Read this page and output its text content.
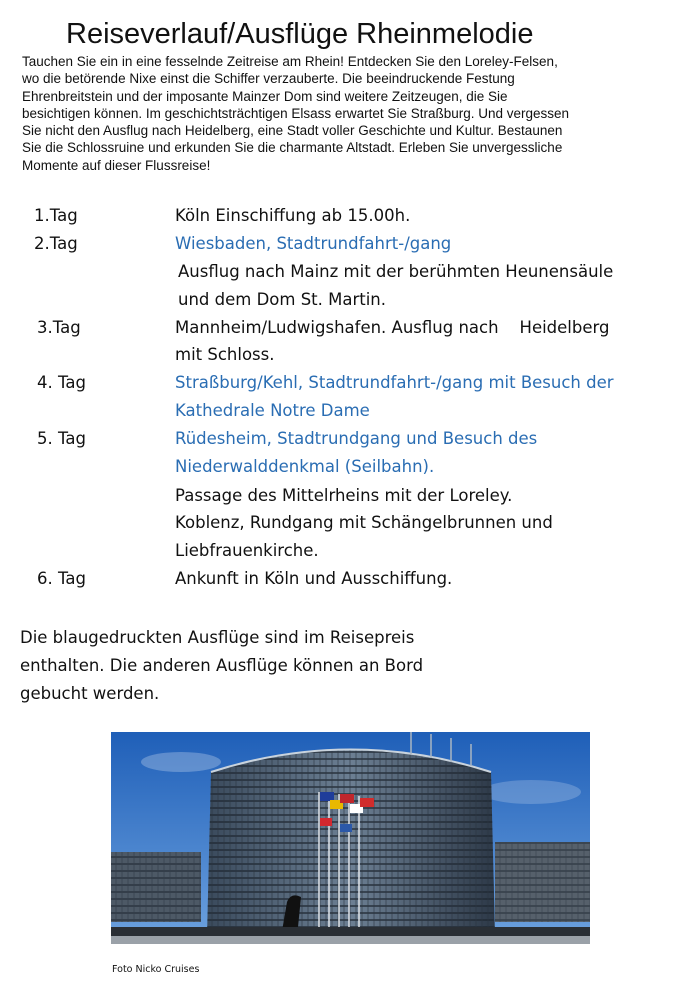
Reiseverlauf/Ausflüge Rheinmelodie
Tauchen Sie ein in eine fesselnde Zeitreise am Rhein! Entdecken Sie den Loreley-Felsen,
wo die betörende Nixe einst die Schiffer verzauberte. Die beeindruckende Festung
Ehrenbreitstein und der imposante Mainzer Dom sind weitere Zeitzeugen, die Sie
besichtigen können. Im geschichtsträchtigen Elsass erwartet Sie Straßburg. Und vergessen
Sie nicht den Ausflug nach Heidelberg, eine Stadt voller Geschichte und Kultur. Bestaunen
Sie die Schlossruine und erkunden Sie die charmante Altstadt. Erleben Sie unvergessliche
Momente auf dieser Flussreise!
1.Tag	Köln Einschiffung ab 15.00h.
2.Tag	Wiesbaden, Stadtrundfahrt-/gang
Ausflug nach Mainz mit der berühmten Heunensäule
und dem Dom St. Martin.
3.Tag	Mannheim/Ludwigshafen. Ausflug nach    Heidelberg
mit Schloss.
4. Tag	Straßburg/Kehl, Stadtrundfahrt-/gang mit Besuch der
Kathedrale Notre Dame
5. Tag	Rüdesheim, Stadtrundgang und Besuch des
Niederwalddenkmal (Seilbahn).
Passage des Mittelrheins mit der Loreley.
Koblenz, Rundgang mit Schängelbrunnen und
Liebfrauenkirche.
6. Tag	Ankunft in Köln und Ausschiffung.
Die blaugedruckten Ausflüge sind im Reisepreis
enthalten. Die anderen Ausflüge können an Bord
gebucht werden.
Foto Nicko Cruises
